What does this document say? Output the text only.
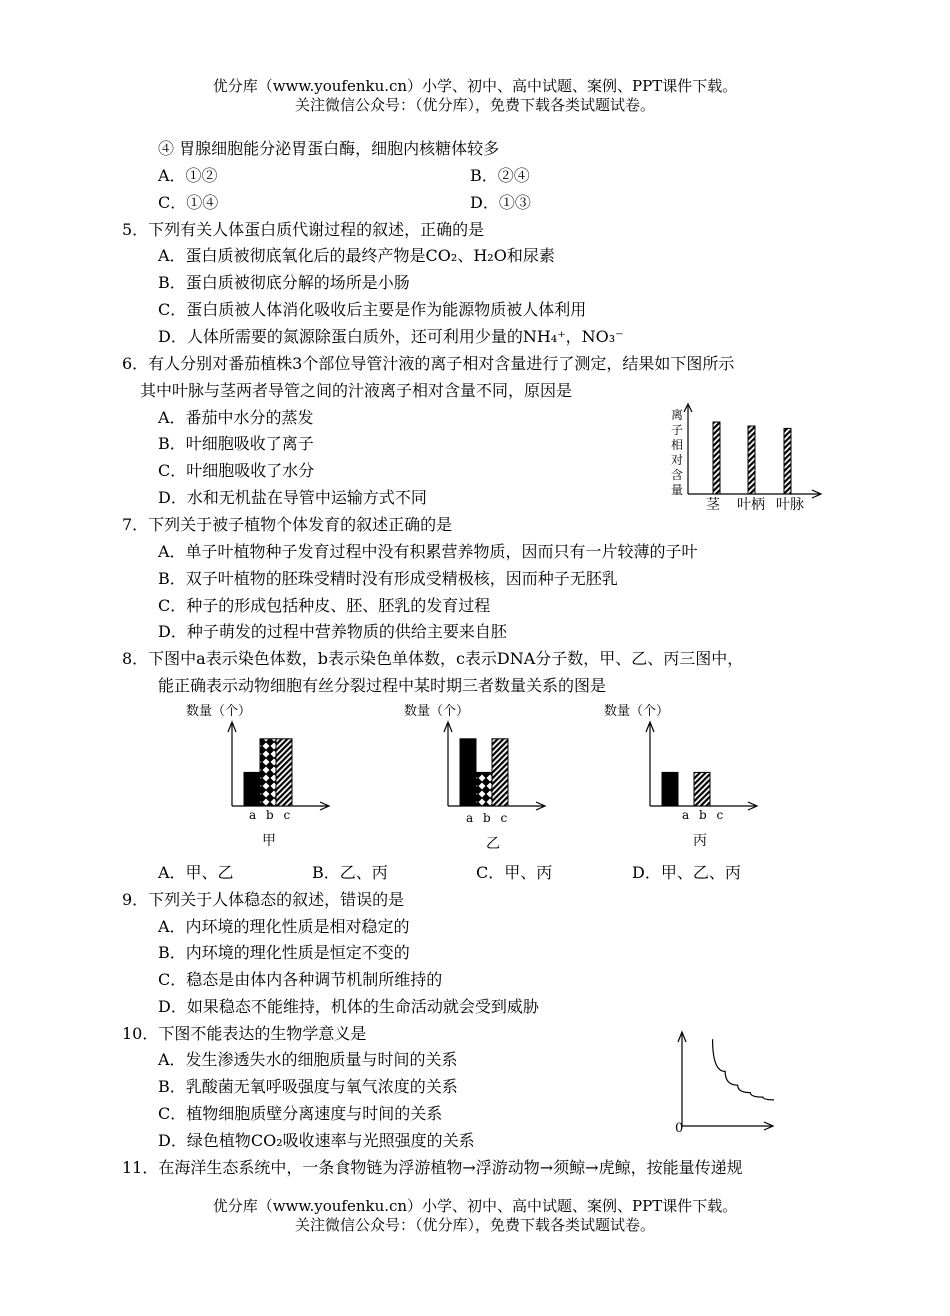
优分库（www.youfenku.cn）小学、初中、高中试题、案例、PPT课件下载。
关注微信公众号：（优分库），免费下载各类试题试卷。
④ 胃腺细胞能分泌胃蛋白酶，细胞内核糖体较多
A．①②	B．②④
C．①④	D．①③
5．下列有关人体蛋白质代谢过程的叙述，正确的是
A．蛋白质被彻底氧化后的最终产物是CO₂、H₂O和尿素
B．蛋白质被彻底分解的场所是小肠
C．蛋白质被人体消化吸收后主要是作为能源物质被人体利用
D．人体所需要的氮源除蛋白质外，还可利用少量的NH₄⁺，NO₃⁻
6．有人分别对番茄植株3个部位导管汁液的离子相对含量进行了测定，结果如下图所示
其中叶脉与茎两者导管之间的汁液离子相对含量不同，原因是
A．番茄中水分的蒸发
B．叶细胞吸收了离子
C．叶细胞吸收了水分
D．水和无机盐在导管中运输方式不同
离子相对含量
茎 叶柄 叶脉
7．下列关于被子植物个体发育的叙述正确的是
A．单子叶植物种子发育过程中没有积累营养物质，因而只有一片较薄的子叶
B．双子叶植物的胚珠受精时没有形成受精极核，因而种子无胚乳
C．种子的形成包括种皮、胚、胚乳的发育过程
D．种子萌发的过程中营养物质的供给主要来自胚
8．下图中a表示染色体数，b表示染色单体数，c表示DNA分子数，甲、乙、丙三图中，
能正确表示动物细胞有丝分裂过程中某时期三者数量关系的图是
数量（个）
a b c
甲
数量（个）
a b c
乙
数量（个）
a b c
丙
A．甲、乙	B．乙、丙	C．甲、丙	D．甲、乙、丙
9．下列关于人体稳态的叙述，错误的是
A．内环境的理化性质是相对稳定的
B．内环境的理化性质是恒定不变的
C．稳态是由体内各种调节机制所维持的
D．如果稳态不能维持，机体的生命活动就会受到威胁
10．下图不能表达的生物学意义是
A．发生渗透失水的细胞质量与时间的关系
B．乳酸菌无氧呼吸强度与氧气浓度的关系
C．植物细胞质壁分离速度与时间的关系
D．绿色植物CO₂吸收速率与光照强度的关系
0
11．在海洋生态系统中，一条食物链为浮游植物→浮游动物→须鲸→虎鲸，按能量传递规
优分库（www.youfenku.cn）小学、初中、高中试题、案例、PPT课件下载。
关注微信公众号：（优分库），免费下载各类试题试卷。
